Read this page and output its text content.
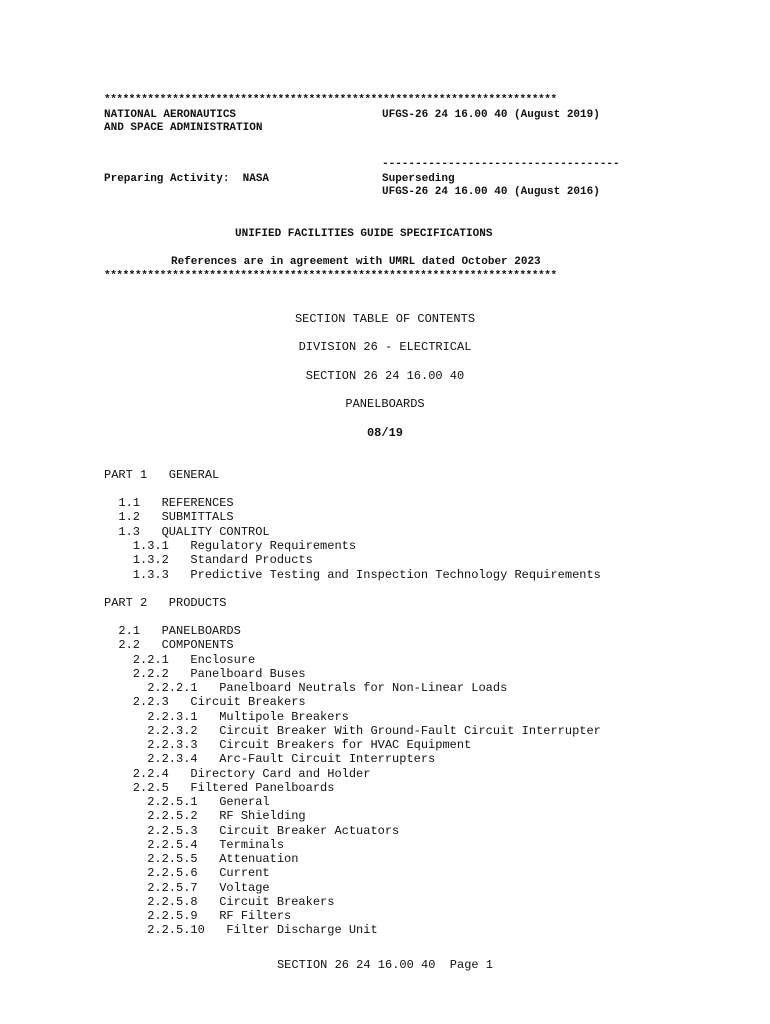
*************************************************************************
NATIONAL AERONAUTICS	UFGS-26 24 16.00 40 (August 2019)
AND SPACE ADMINISTRATION
------------------------------------
Preparing Activity:  NASA	Superseding
UFGS-26 24 16.00 40 (August 2016)
UNIFIED FACILITIES GUIDE SPECIFICATIONS
References are in agreement with UMRL dated October 2023
*************************************************************************
SECTION TABLE OF CONTENTS
DIVISION 26 - ELECTRICAL
SECTION 26 24 16.00 40
PANELBOARDS
08/19
PART 1   GENERAL
1.1   REFERENCES
1.2   SUBMITTALS
1.3   QUALITY CONTROL
1.3.1   Regulatory Requirements
1.3.2   Standard Products
1.3.3   Predictive Testing and Inspection Technology Requirements
PART 2   PRODUCTS
2.1   PANELBOARDS
2.2   COMPONENTS
2.2.1   Enclosure
2.2.2   Panelboard Buses
2.2.2.1   Panelboard Neutrals for Non-Linear Loads
2.2.3   Circuit Breakers
2.2.3.1   Multipole Breakers
2.2.3.2   Circuit Breaker With Ground-Fault Circuit Interrupter
2.2.3.3   Circuit Breakers for HVAC Equipment
2.2.3.4   Arc-Fault Circuit Interrupters
2.2.4   Directory Card and Holder
2.2.5   Filtered Panelboards
2.2.5.1   General
2.2.5.2   RF Shielding
2.2.5.3   Circuit Breaker Actuators
2.2.5.4   Terminals
2.2.5.5   Attenuation
2.2.5.6   Current
2.2.5.7   Voltage
2.2.5.8   Circuit Breakers
2.2.5.9   RF Filters
2.2.5.10   Filter Discharge Unit
SECTION 26 24 16.00 40  Page 1
